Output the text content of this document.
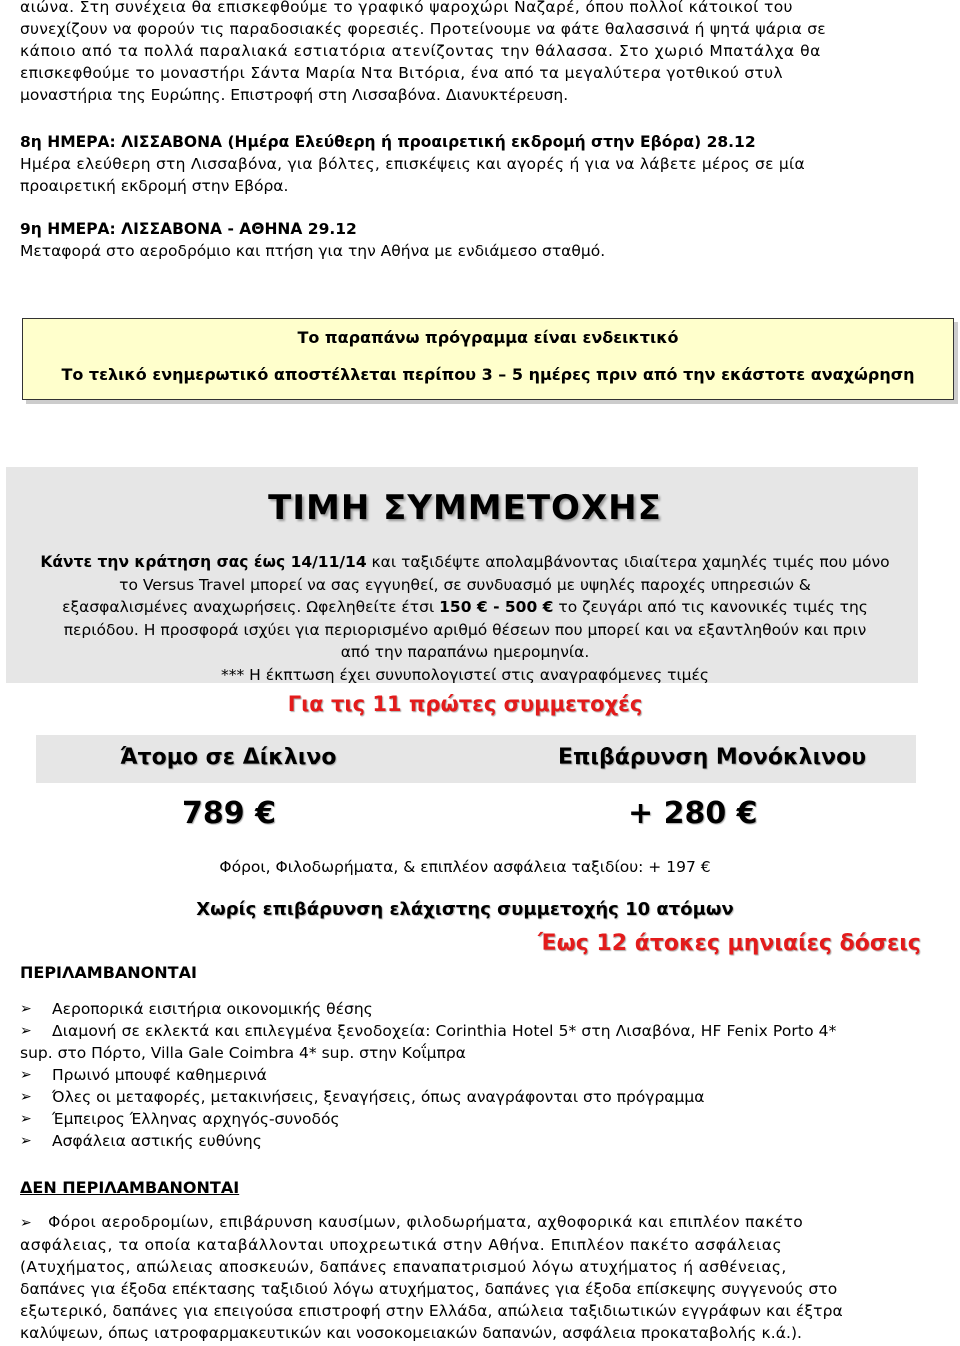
αιώνα. Στη συνέχεια θα επισκεφθούμε το γραφικό ψαροχώρι Ναζαρέ, όπου πολλοί κάτοικοί του
συνεχίζουν να φορούν τις παραδοσιακές φορεσιές. Προτείνουμε να φάτε θαλασσινά ή ψητά ψάρια σε
κάποιο από τα πολλά παραλιακά εστιατόρια ατενίζοντας την θάλασσα. Στο χωριό Μπατάλχα θα
επισκεφθούμε το μοναστήρι Σάντα Μαρία Ντα Βιτόρια, ένα από τα μεγαλύτερα γοτθικού στυλ
μοναστήρια της Ευρώπης. Επιστροφή στη Λισσαβόνα. Διανυκτέρευση.
8η ΗΜΕΡΑ: ΛΙΣΣΑΒΟΝΑ (Ημέρα Ελεύθερη ή προαιρετική εκδρομή στην Εβόρα) 28.12
Ημέρα ελεύθερη στη Λισσαβόνα, για βόλτες, επισκέψεις και αγορές ή για να λάβετε μέρος σε μία
προαιρετική εκδρομή στην Εβόρα.
9η ΗΜΕΡΑ: ΛΙΣΣΑΒΟΝΑ - ΑΘΗΝΑ 29.12
Μεταφορά στο αεροδρόμιο και πτήση για την Αθήνα με ενδιάμεσο σταθμό.
Το παραπάνω πρόγραμμα είναι ενδεικτικό
Το τελικό ενημερωτικό αποστέλλεται περίπου 3 – 5 ημέρες πριν από την εκάστοτε αναχώρηση
ΤΙΜΗ ΣΥΜΜΕΤΟΧΗΣ
Κάντε την κράτηση σας έως 14/11/14 και ταξιδέψτε απολαμβάνοντας ιδιαίτερα χαμηλές τιμές που μόνο
το Versus Travel μπορεί να σας εγγυηθεί, σε συνδυασμό με υψηλές παροχές υπηρεσιών &
εξασφαλισμένες αναχωρήσεις. Ωφεληθείτε έτσι 150 € - 500 € το ζευγάρι από τις κανονικές τιμές της
περιόδου. Η προσφορά ισχύει για περιορισμένο αριθμό θέσεων που μπορεί και να εξαντληθούν και πριν
από την παραπάνω ημερομηνία.
*** Η έκπτωση έχει συνυπολογιστεί στις αναγραφόμενες τιμές
Για τις 11 πρώτες συμμετοχές
Άτομο σε Δίκλινο	Επιβάρυνση Μονόκλινου
789 €	+ 280 €
Φόροι, Φιλοδωρήματα, & επιπλέον ασφάλεια ταξιδίου: + 197 €
Χωρίς επιβάρυνση ελάχιστης συμμετοχής 10 ατόμων
Έως 12 άτοκες μηνιαίες δόσεις
ΠΕΡΙΛΑΜΒΑΝΟΝΤΑΙ
➢ Αεροπορικά εισιτήρια οικονομικής θέσης
➢ Διαμονή σε εκλεκτά και επιλεγμένα ξενοδοχεία: Corinthia Hotel 5* στη Λισαβόνα, HF Fenix Porto 4*
sup. στο Πόρτο, Villa Gale Coimbra 4* sup. στην Κοΐμπρα
➢ Πρωινό μπουφέ καθημερινά
➢ Όλες οι μεταφορές, μετακινήσεις, ξεναγήσεις, όπως αναγράφονται στο πρόγραμμα
➢ Έμπειρος Έλληνας αρχηγός-συνοδός
➢ Ασφάλεια αστικής ευθύνης
ΔΕΝ ΠΕΡΙΛΑΜΒΑΝΟΝΤΑΙ
➢ Φόροι αεροδρομίων, επιβάρυνση καυσίμων, φιλοδωρήματα, αχθοφορικά και επιπλέον πακέτο
ασφάλειας, τα οποία καταβάλλονται υποχρεωτικά στην Αθήνα. Επιπλέον πακέτο ασφάλειας
(Ατυχήματος, απώλειας αποσκευών, δαπάνες επαναπατρισμού λόγω ατυχήματος ή ασθένειας,
δαπάνες για έξοδα επέκτασης ταξιδιού λόγω ατυχήματος, δαπάνες για έξοδα επίσκεψης συγγενούς στο
εξωτερικό, δαπάνες για επειγούσα επιστροφή στην Ελλάδα, απώλεια ταξιδιωτικών εγγράφων και έξτρα
καλύψεων, όπως ιατροφαρμακευτικών και νοσοκομειακών δαπανών, ασφάλεια προκαταβολής κ.ά.).
